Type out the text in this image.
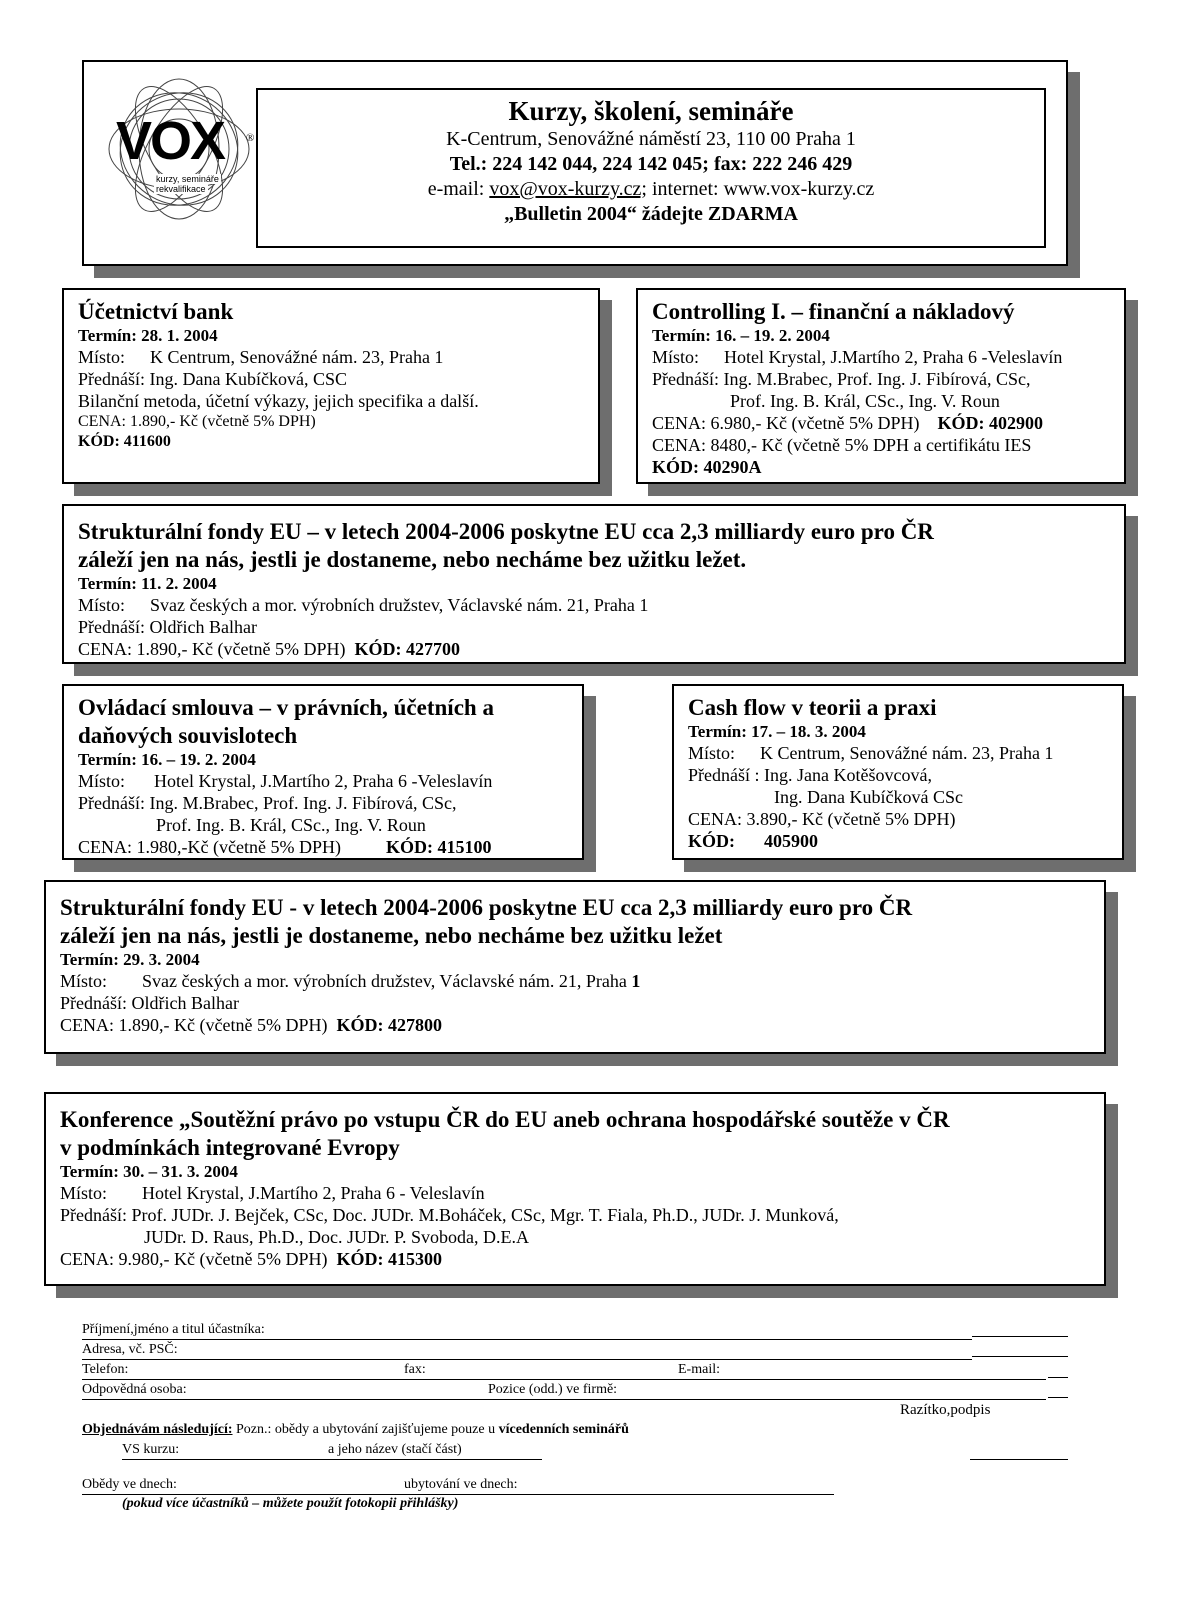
VOX
kurzy, semináře
rekvalifikace
®
Kurzy, školení, semináře
K-Centrum, Senovážné náměstí 23, 110 00 Praha 1
Tel.: 224 142 044, 224 142 045; fax: 222 246 429
e-mail: vox@vox-kurzy.cz; internet: www.vox-kurzy.cz
„Bulletin 2004“ žádejte ZDARMA
Účetnictví bank
Termín: 28. 1. 2004
Místo: K Centrum, Senovážné nám. 23, Praha 1
Přednáší: Ing. Dana Kubíčková, CSC
Bilanční metoda, účetní výkazy, jejich specifika a další.
CENA: 1.890,- Kč (včetně 5% DPH)
KÓD: 411600
Controlling I. – finanční a nákladový
Termín: 16. – 19. 2. 2004
Místo: Hotel Krystal, J.Martího 2, Praha 6 -Veleslavín
Přednáší: Ing. M.Brabec, Prof. Ing. J. Fibírová, CSc,
Prof. Ing. B. Král, CSc., Ing. V. Roun
CENA: 6.980,- Kč (včetně 5% DPH) KÓD: 402900
CENA: 8480,- Kč (včetně 5% DPH a certifikátu IES
KÓD: 40290A
Strukturální fondy EU – v letech 2004-2006 poskytne EU cca 2,3 milliardy euro pro ČR
záleží jen na nás, jestli je dostaneme, nebo necháme bez užitku ležet.
Termín: 11. 2. 2004
Místo: Svaz českých a mor. výrobních družstev, Václavské nám. 21, Praha 1
Přednáší: Oldřich Balhar
CENA: 1.890,- Kč (včetně 5% DPH) KÓD: 427700
Ovládací smlouva – v právních, účetních a
daňových souvislotech
Termín: 16. – 19. 2. 2004
Místo: Hotel Krystal, J.Martího 2, Praha 6 -Veleslavín
Přednáší: Ing. M.Brabec, Prof. Ing. J. Fibírová, CSc,
Prof. Ing. B. Král, CSc., Ing. V. Roun
CENA: 1.980,-Kč (včetně 5% DPH)	KÓD: 415100
Cash flow v teorii a praxi
Termín: 17. – 18. 3. 2004
Místo: K Centrum, Senovážné nám. 23, Praha 1
Přednáší : Ing. Jana Kotěšovcová,
Ing. Dana Kubíčková CSc
CENA: 3.890,- Kč (včetně 5% DPH)
KÓD: 405900
Strukturální fondy EU - v letech 2004-2006 poskytne EU cca 2,3 milliardy euro pro ČR
záleží jen na nás, jestli je dostaneme, nebo necháme bez užitku ležet
Termín: 29. 3. 2004
Místo: Svaz českých a mor. výrobních družstev, Václavské nám. 21, Praha 1
Přednáší: Oldřich Balhar
CENA: 1.890,- Kč (včetně 5% DPH) KÓD: 427800
Konference „Soutěžní právo po vstupu ČR do EU aneb ochrana hospodářské soutěže v ČR
v podmínkách integrované Evropy
Termín: 30. – 31. 3. 2004
Místo: Hotel Krystal, J.Martího 2, Praha 6 - Veleslavín
Přednáší: Prof. JUDr. J. Bejček, CSc, Doc. JUDr. M.Boháček, CSc, Mgr. T. Fiala, Ph.D., JUDr. J. Munková,
JUDr. D. Raus, Ph.D., Doc. JUDr. P. Svoboda, D.E.A
CENA: 9.980,- Kč (včetně 5% DPH) KÓD: 415300
Příjmení,jméno a titul účastníka:
Adresa, vč. PSČ:
Telefon:	fax:	E-mail:
Odpovědná osoba:	Pozice (odd.) ve firmě:
Razítko,podpis
Objednávám následující: Pozn.: obědy a ubytování zajišťujeme pouze u vícedenních seminářů
VS kurzu:	a jeho název (stačí část)
Obědy ve dnech:	ubytování ve dnech:
(pokud více účastníků – můžete použít fotokopii přihlášky)
